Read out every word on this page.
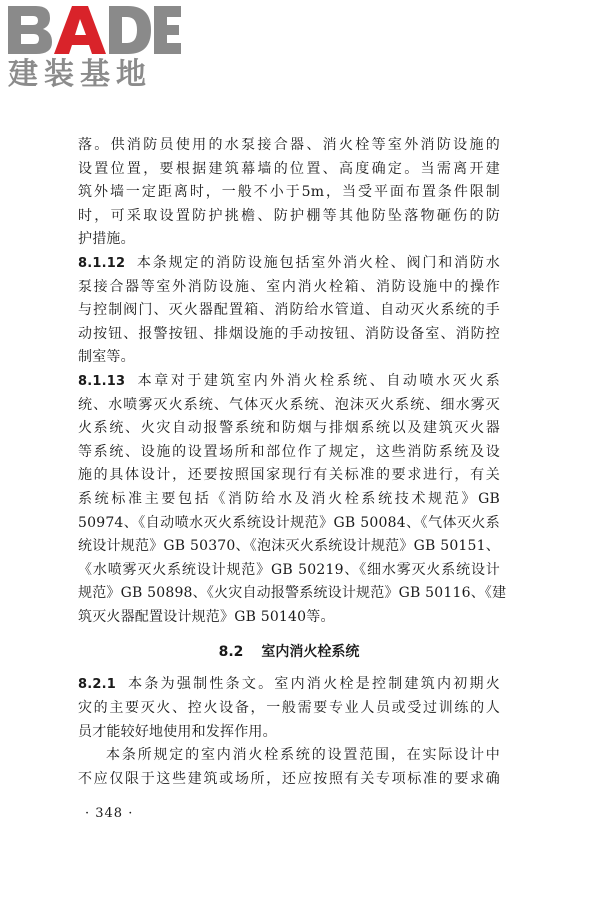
建装基地
落。供消防员使用的水泵接合器、消火栓等室外消防设施的
设置位置，要根据建筑幕墙的位置、高度确定。当需离开建
筑外墙一定距离时，一般不小于5m，当受平面布置条件限制
时，可采取设置防护挑檐、防护棚等其他防坠落物砸伤的防
护措施。
8.1.12 本条规定的消防设施包括室外消火栓、阀门和消防水
泵接合器等室外消防设施、室内消火栓箱、消防设施中的操作
与控制阀门、灭火器配置箱、消防给水管道、自动灭火系统的手
动按钮、报警按钮、排烟设施的手动按钮、消防设备室、消防控
制室等。
8.1.13 本章对于建筑室内外消火栓系统、自动喷水灭火系
统、水喷雾灭火系统、气体灭火系统、泡沫灭火系统、细水雾灭
火系统、火灾自动报警系统和防烟与排烟系统以及建筑灭火器
等系统、设施的设置场所和部位作了规定，这些消防系统及设
施的具体设计，还要按照国家现行有关标准的要求进行，有关
系统标准主要包括《消防给水及消火栓系统技术规范》GB
50974、《自动喷水灭火系统设计规范》GB 50084、《气体灭火系
统设计规范》GB 50370、《泡沫灭火系统设计规范》GB 50151、
《水喷雾灭火系统设计规范》GB 50219、《细水雾灭火系统设计
规范》GB 50898、《火灾自动报警系统设计规范》GB 50116、《建
筑灭火器配置设计规范》GB 50140等。
8.2 室内消火栓系统
8.2.1 本条为强制性条文。室内消火栓是控制建筑内初期火
灾的主要灭火、控火设备，一般需要专业人员或受过训练的人
员才能较好地使用和发挥作用。
本条所规定的室内消火栓系统的设置范围，在实际设计中
不应仅限于这些建筑或场所，还应按照有关专项标准的要求确
· 348 ·
